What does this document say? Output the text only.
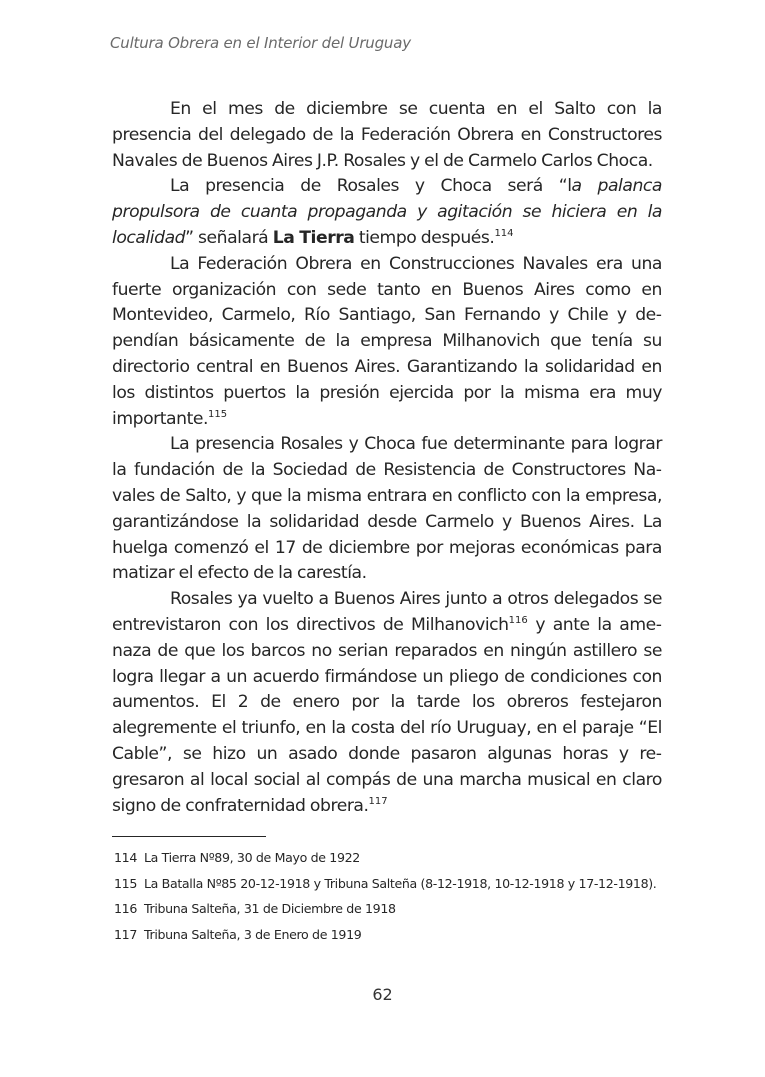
Cultura Obrera en el Interior del Uruguay

En el mes de diciembre se cuenta en el Salto con la presencia del delegado de la Federación Obrera en Constructores Navales de Buenos Aires J.P. Rosales y el de Carmelo Carlos Choca.

La presencia de Rosales y Choca será “la palanca propulsora de cuanta propaganda y agitación se hiciera en la localidad” señalará La Tierra tiempo después.$^{114}$

La Federación Obrera en Construcciones Navales era una fuerte organización con sede tanto en Buenos Aires como en Montevideo, Carmelo, Río Santiago, San Fernando y Chile y dependían básicamente de la empresa Milhanovich que tenía su directorio central en Buenos Aires. Garantizando la solidaridad en los distintos puertos la presión ejercida por la misma era muy importante.$^{115}$

La presencia Rosales y Choca fue determinante para lograr la fundación de la Sociedad de Resistencia de Constructores Navales de Salto, y que la misma entrara en conflicto con la empresa, garantizándose la solidaridad desde Carmelo y Buenos Aires. La huelga comenzó el 17 de diciembre por mejoras económicas para matizar el efecto de la carestía.

Rosales ya vuelto a Buenos Aires junto a otros delegados se entrevistaron con los directivos de Milhanovich$^{116}$ y ante la amenaza de que los barcos no serian reparados en ningún astillero se logra llegar a un acuerdo firmándose un pliego de condiciones con aumentos. El 2 de enero por la tarde los obreros festejaron alegremente el triunfo, en la costa del río Uruguay, en el paraje “El Cable”, se hizo un asado donde pasaron algunas horas y regresaron al local social al compás de una marcha musical en claro signo de confraternidad obrera.$^{117}$

114 La Tierra Nº89, 30 de Mayo de 1922
115 La Batalla Nº85 20-12-1918 y Tribuna Salteña (8-12-1918, 10-12-1918 y 17-12-1918).
116 Tribuna Salteña, 31 de Diciembre de 1918
117 Tribuna Salteña, 3 de Enero de 1919
62
